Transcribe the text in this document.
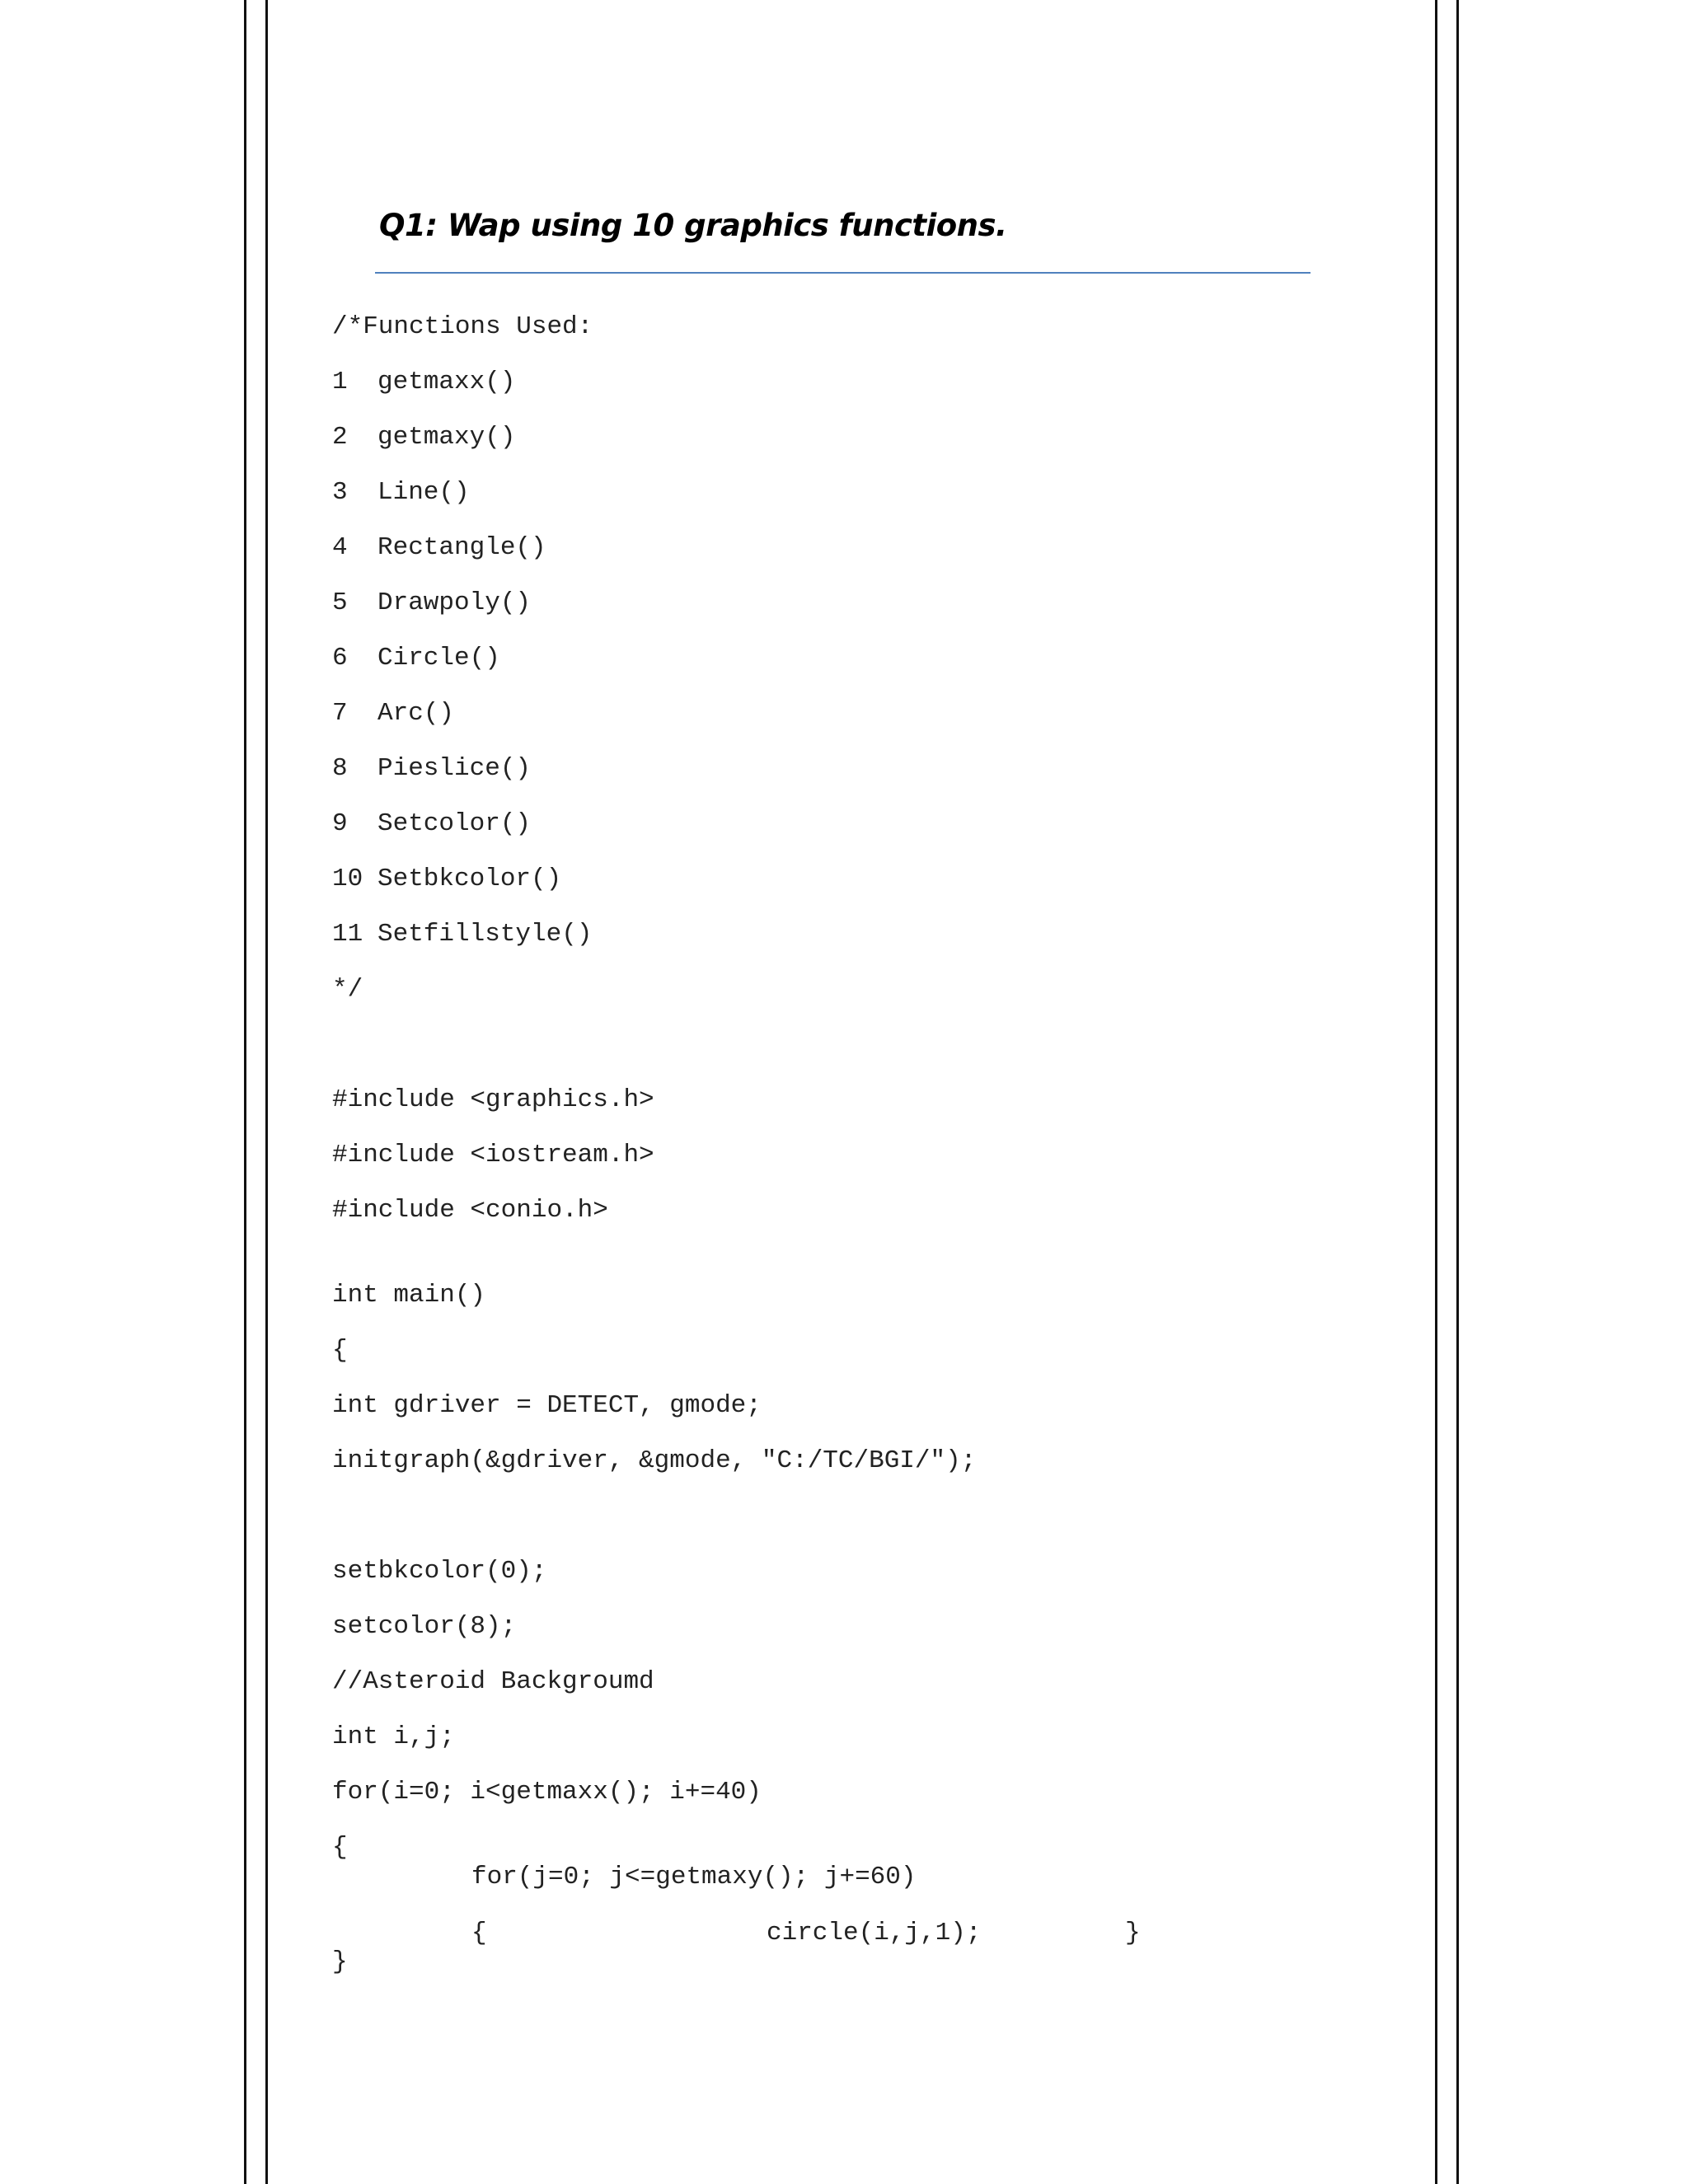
Q1: Wap using 10 graphics functions.
/*Functions Used:
1 getmaxx()
2 getmaxy()
3 Line()
4 Rectangle()
5 Drawpoly()
6 Circle()
7 Arc()
8 Pieslice()
9 Setcolor()
10 Setbkcolor()
11 Setfillstyle()
*/
#include <graphics.h>
#include <iostream.h>
#include <conio.h>
int main()
{
int gdriver = DETECT, gmode;
initgraph(&gdriver, &gmode, "C:/TC/BGI/");
setbkcolor(0);
setcolor(8);
//Asteroid Backgroumd
int i,j;
for(i=0; i<getmaxx(); i+=40)
{
for(j=0; j<=getmaxy(); j+=60)
{	circle(i,j,1);	}
}
